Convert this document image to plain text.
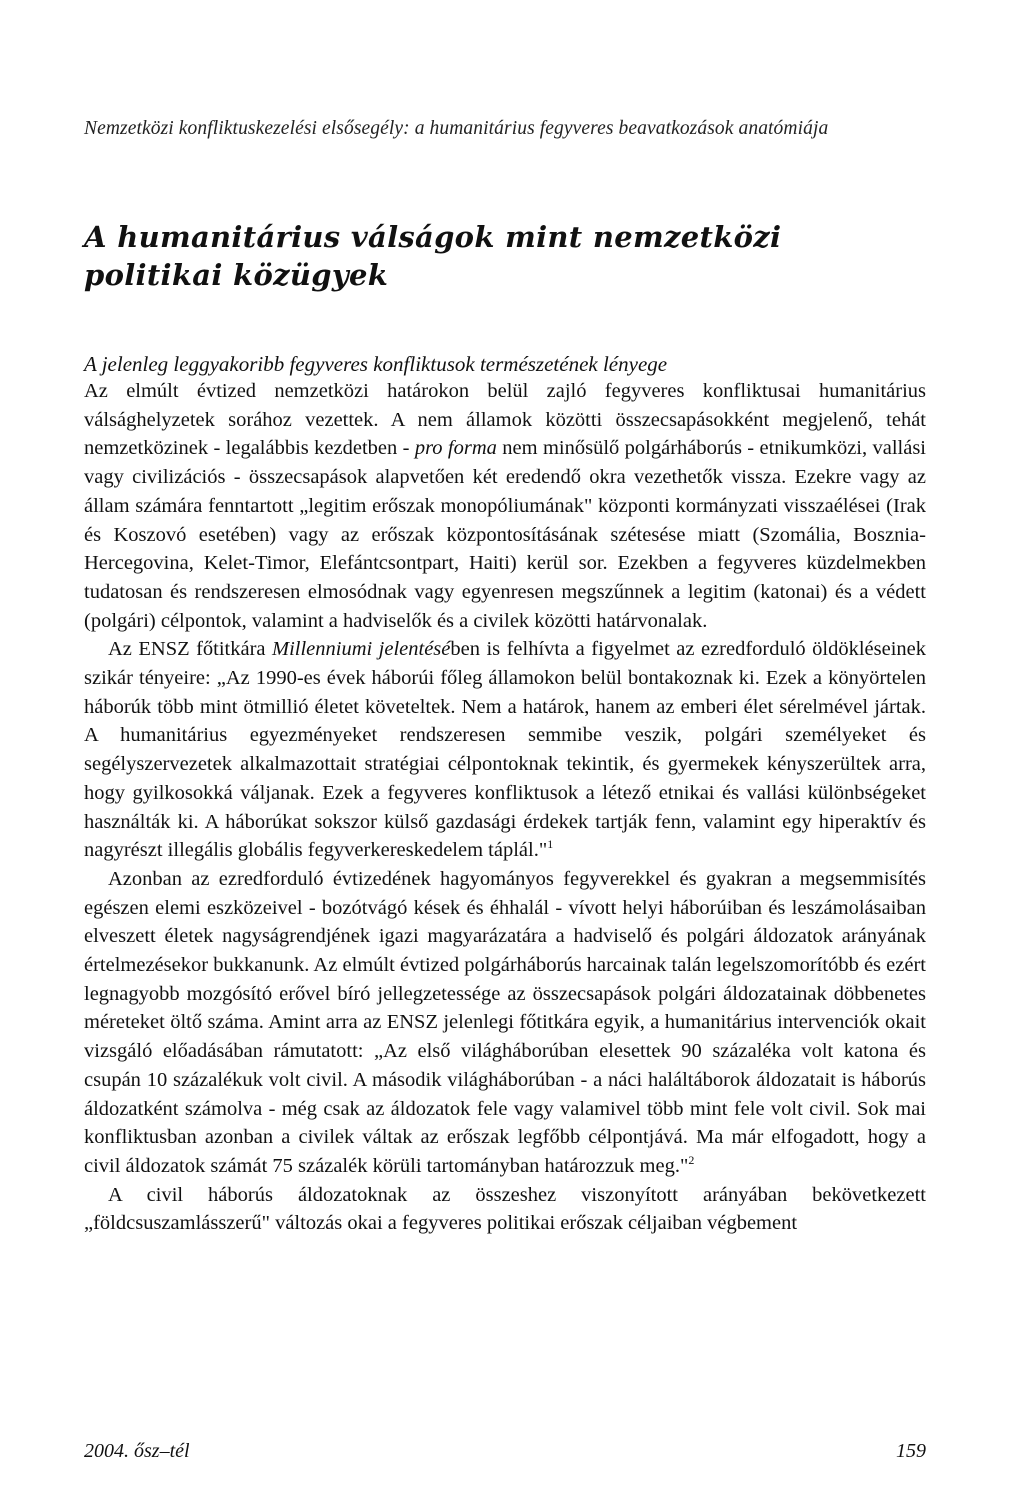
Nemzetközi konfliktuskezelési elsősegély: a humanitárius fegyveres beavatkozások anatómiája
A humanitárius válságok mint nemzetközi politikai közügyek
A jelenleg leggyakoribb fegyveres konfliktusok természetének lényege

Az elmúlt évtized nemzetközi határokon belül zajló fegyveres konfliktusai humanitárius válsághelyzetek sorához vezettek. A nem államok közötti összecsapásokként megjelenő, tehát nemzetközinek - legalábbis kezdetben - pro forma nem minősülő polgárháborús - etnikumközi, vallási vagy civilizációs - összecsapások alapvetően két eredendő okra vezethetők vissza. Ezekre vagy az állam számára fenntartott „legitim erőszak monopóliumának" központi kormányzati visszaélései (Irak és Koszovó esetében) vagy az erőszak központosításának szétesése miatt (Szomália, Bosznia-Hercegovina, Kelet-Timor, Elefántcsontpart, Haiti) kerül sor. Ezekben a fegyveres küzdelmekben tudatosan és rendszeresen elmosódnak vagy egyenresen megszűnnek a legitim (katonai) és a védett (polgári) célpontok, valamint a hadviselők és a civilek közötti határvonalak.

Az ENSZ főtitkára Millenniumi jelentésében is felhívta a figyelmet az ezredforduló öldökléseinek szikár tényeire: „Az 1990-es évek háborúi főleg államokon belül bontakoznak ki. Ezek a könyörtelen háborúk több mint ötmillió életet követeltek. Nem a határok, hanem az emberi élet sérelmével jártak. A humanitárius egyezményeket rendszeresen semmibe veszik, polgári személyeket és segélyszervezetek alkalmazottait stratégiai célpontoknak tekintik, és gyermekek kényszerültek arra, hogy gyilkosokká váljanak. Ezek a fegyveres konfliktusok a létező etnikai és vallási különbségeket használták ki. A háborúkat sokszor külső gazdasági érdekek tartják fenn, valamint egy hiperaktív és nagyrészt illegális globális fegyverkereskedelem táplál."$^1$

Azonban az ezredforduló évtizedének hagyományos fegyverekkel és gyakran a megsemmisítés egészen elemi eszközeivel - bozótvágó kések és éhhalál - vívott helyi háborúiban és leszámolásaiban elveszett életek nagyságrendjének igazi magyarázatára a hadviselő és polgári áldozatok arányának értelmezésekor bukkanunk. Az elmúlt évtized polgárháborús harcainak talán legelszomorítóbb és ezért legnagyobb mozgósító erővel bíró jellegzetessége az összecsapások polgári áldozatainak döbbenetes méreteket öltő száma. Amint arra az ENSZ jelenlegi főtitkára egyik, a humanitárius intervenciók okait vizsgáló előadásában rámutatott: „Az első világháborúban elesettek 90 százaléka volt katona és csupán 10 százalékuk volt civil. A második világháborúban - a náci haláltáborok áldozatait is háborús áldozatként számolva - még csak az áldozatok fele vagy valamivel több mint fele volt civil. Sok mai konfliktusban azonban a civilek váltak az erőszak legfőbb célpontjává. Ma már elfogadott, hogy a civil áldozatok számát 75 százalék körüli tartományban határozzuk meg."$^2$

A civil háborús áldozatoknak az összeshez viszonyított arányában bekövetkezett „földcsuszamlásszerű" változás okai a fegyveres politikai erőszak céljaiban végbement

2004. ősz–tél	159
